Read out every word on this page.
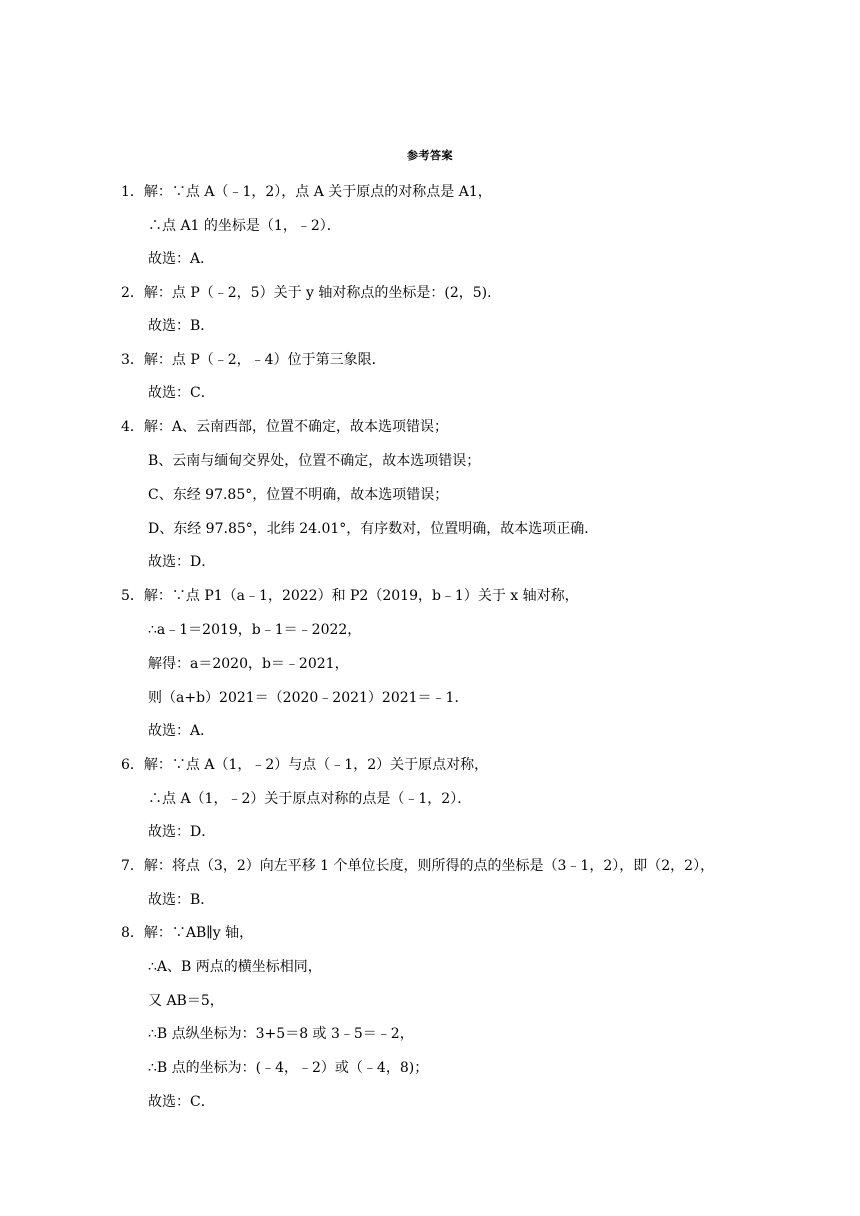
参考答案
1．解：∵点 A（﹣1，2），点 A 关于原点的对称点是 A1，
∴点 A1 的坐标是（1，﹣2）．
故选：A．
2．解：点 P（﹣2，5）关于 y 轴对称点的坐标是：(2，5)．
故选：B．
3．解：点 P（﹣2，﹣4）位于第三象限．
故选：C．
4．解：A、云南西部，位置不确定，故本选项错误；
B、云南与缅甸交界处，位置不确定，故本选项错误；
C、东经 97.85°，位置不明确，故本选项错误；
D、东经 97.85°，北纬 24.01°，有序数对，位置明确，故本选项正确．
故选：D．
5．解：∵点 P1（a﹣1，2022）和 P2（2019，b﹣1）关于 x 轴对称，
∴a﹣1＝2019，b﹣1＝﹣2022，
解得：a＝2020，b＝﹣2021，
则（a+b）2021＝（2020﹣2021）2021＝﹣1．
故选：A．
6．解：∵点 A（1，﹣2）与点（﹣1，2）关于原点对称，
∴点 A（1，﹣2）关于原点对称的点是（﹣1，2）．
故选：D．
7．解：将点（3，2）向左平移 1 个单位长度，则所得的点的坐标是（3﹣1，2），即（2，2），
故选：B．
8．解：∵AB∥y 轴，
∴A、B 两点的横坐标相同，
又 AB＝5，
∴B 点纵坐标为：3+5＝8 或 3﹣5＝﹣2，
∴B 点的坐标为：(﹣4，﹣2）或（﹣4，8)；
故选：C．
